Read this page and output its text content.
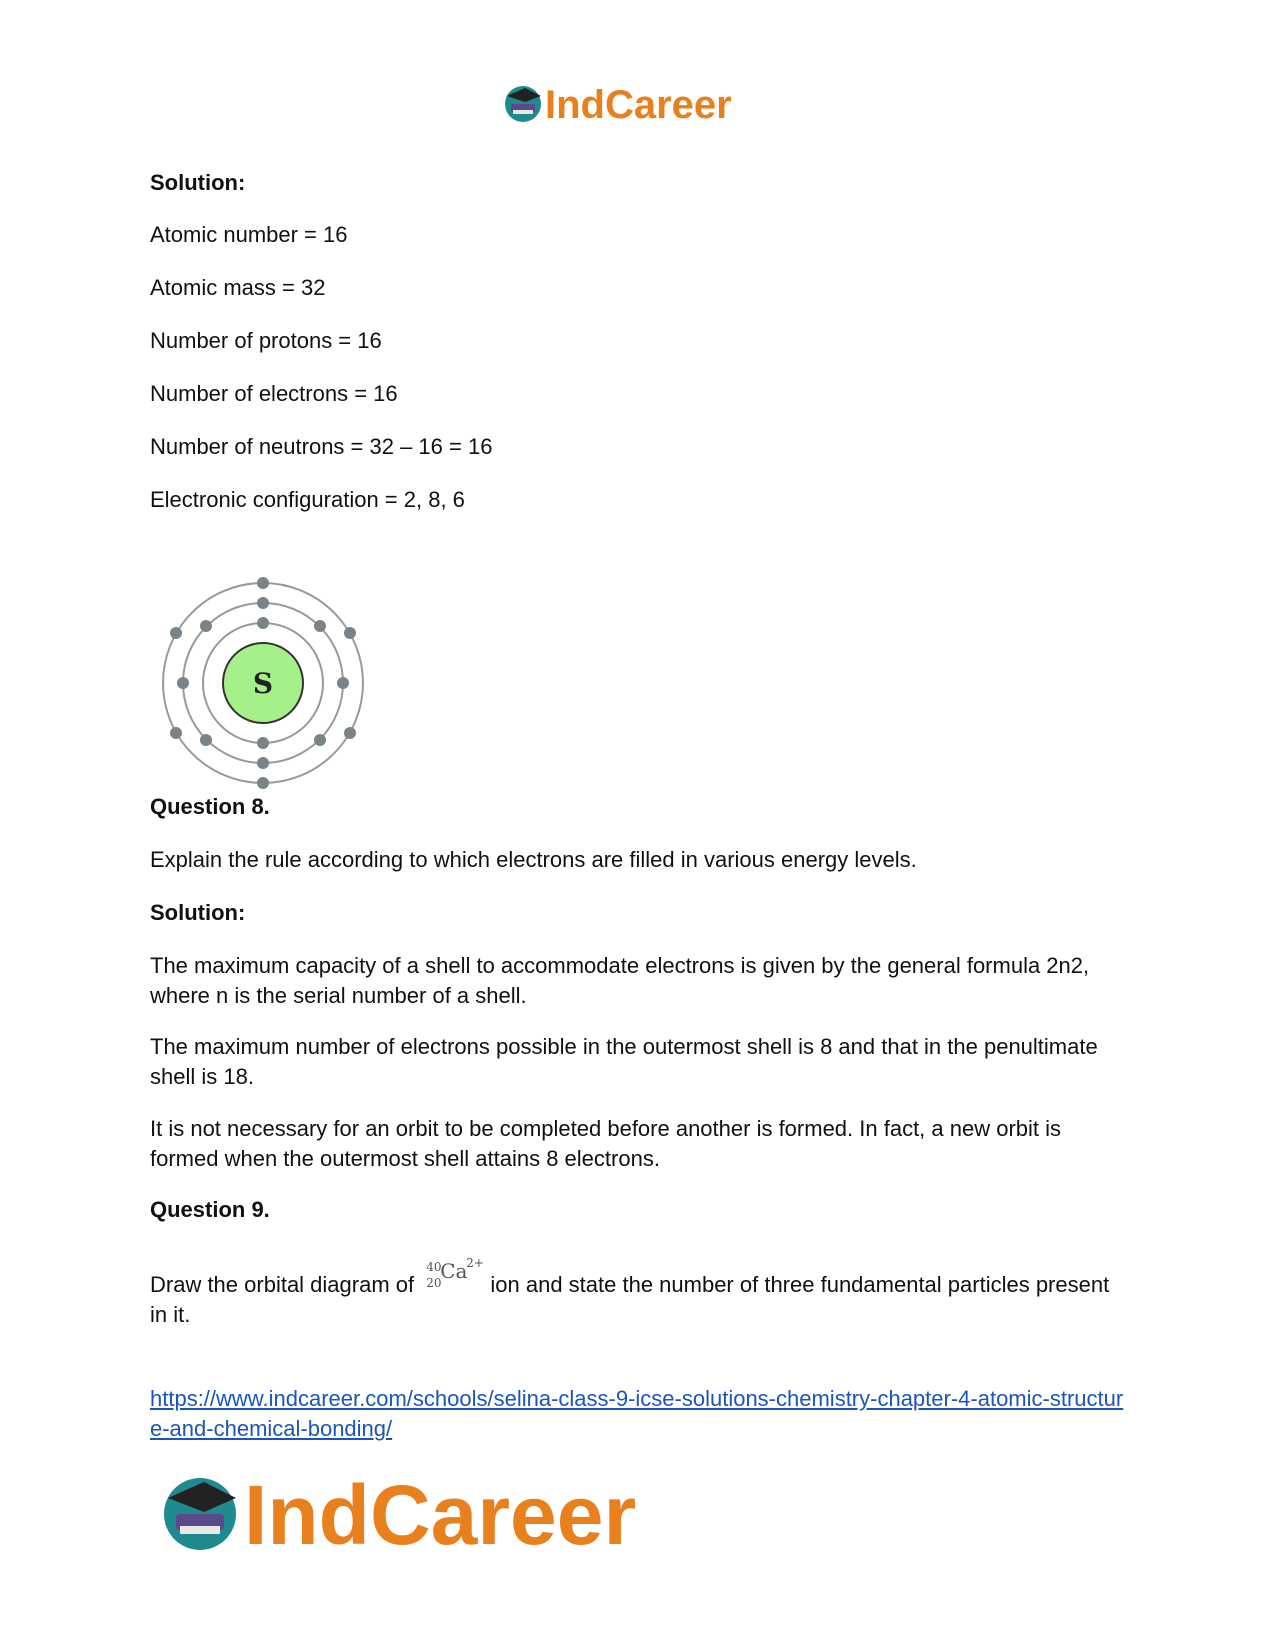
IndCareer

Solution:

Atomic number = 16

Atomic mass = 32

Number of protons = 16

Number of electrons = 16

Number of neutrons = 32 – 16 = 16

Electronic configuration = 2, 8, 6

S

Question 8.

Explain the rule according to which electrons are filled in various energy levels.

Solution:

The maximum capacity of a shell to accommodate electrons is given by the general formula 2n2, where n is the serial number of a shell.

The maximum number of electrons possible in the outermost shell is 8 and that in the penultimate shell is 18.

It is not necessary for an orbit to be completed before another is formed. In fact, a new orbit is formed when the outermost shell attains 8 electrons.

Question 9.

Draw the orbital diagram of
40
20
Ca
2+
ion and state the number of three fundamental particles present in it.

https://www.indcareer.com/schools/selina-class-9-icse-solutions-chemistry-chapter-4-atomic-structure-and-chemical-bonding/

IndCareer
